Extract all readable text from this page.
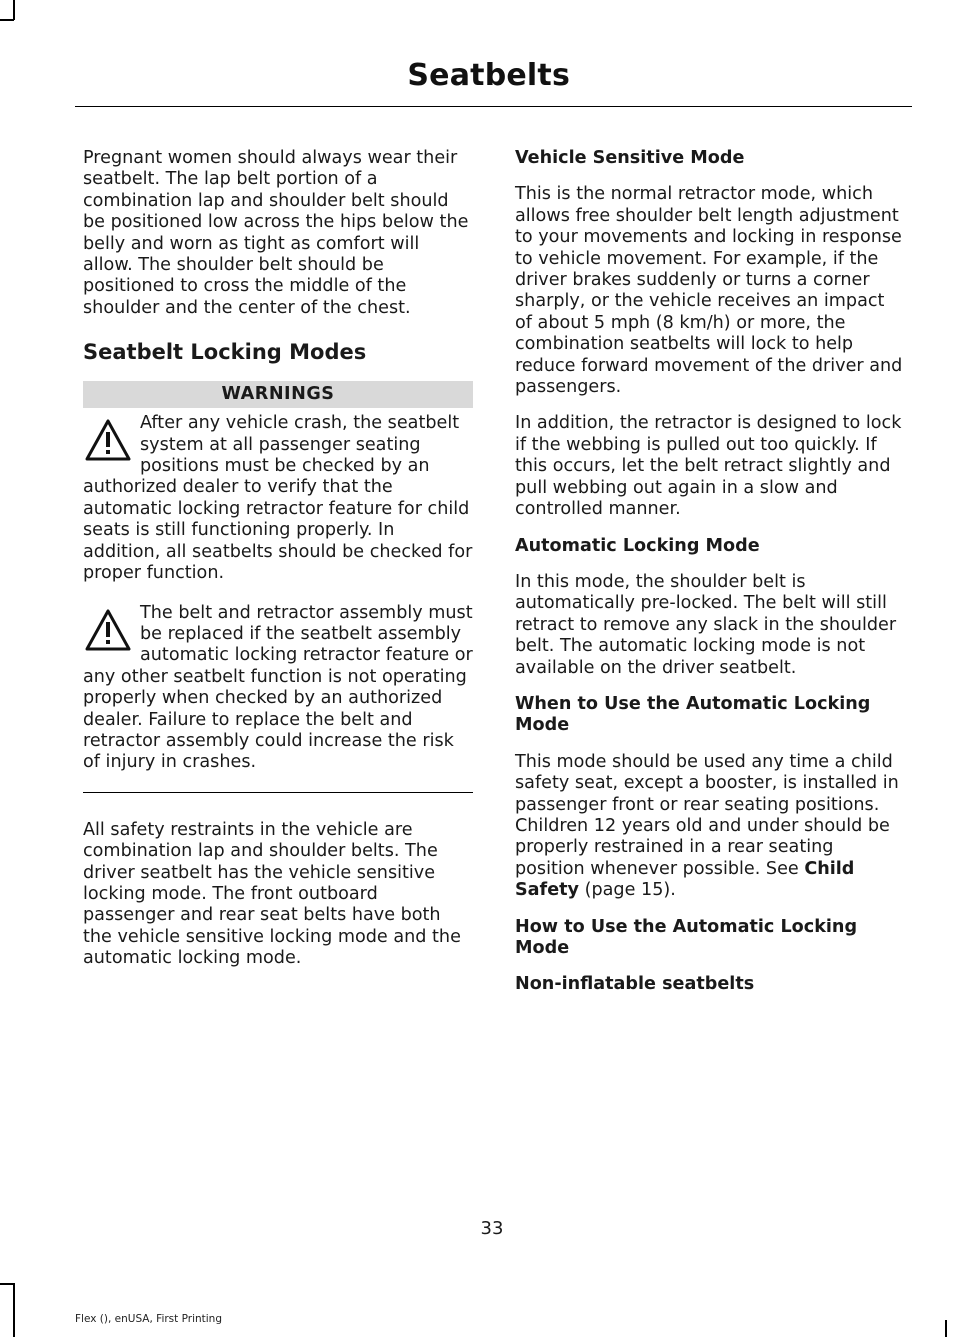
Seatbelts

Pregnant women should always wear their seatbelt. The lap belt portion of a combination lap and shoulder belt should be positioned low across the hips below the belly and worn as tight as comfort will allow. The shoulder belt should be positioned to cross the middle of the shoulder and the center of the chest.

Seatbelt Locking Modes
WARNINGS

After any vehicle crash, the seatbelt system at all passenger seating positions must be checked by an authorized dealer to verify that the automatic locking retractor feature for child seats is still functioning properly. In addition, all seatbelts should be checked for proper function.

The belt and retractor assembly must be replaced if the seatbelt assembly automatic locking retractor feature or any other seatbelt function is not operating properly when checked by an authorized dealer. Failure to replace the belt and retractor assembly could increase the risk of injury in crashes.

All safety restraints in the vehicle are combination lap and shoulder belts. The driver seatbelt has the vehicle sensitive locking mode. The front outboard passenger and rear seat belts have both the vehicle sensitive locking mode and the automatic locking mode.

Vehicle Sensitive Mode

This is the normal retractor mode, which allows free shoulder belt length adjustment to your movements and locking in response to vehicle movement. For example, if the driver brakes suddenly or turns a corner sharply, or the vehicle receives an impact of about 5 mph (8 km/h) or more, the combination seatbelts will lock to help reduce forward movement of the driver and passengers.

In addition, the retractor is designed to lock if the webbing is pulled out too quickly. If this occurs, let the belt retract slightly and pull webbing out again in a slow and controlled manner.

Automatic Locking Mode

In this mode, the shoulder belt is automatically pre-locked. The belt will still retract to remove any slack in the shoulder belt. The automatic locking mode is not available on the driver seatbelt.

When to Use the Automatic Locking Mode

This mode should be used any time a child safety seat, except a booster, is installed in passenger front or rear seating positions. Children 12 years old and under should be properly restrained in a rear seating position whenever possible. See Child Safety (page 15).

How to Use the Automatic Locking Mode
Non-inflatable seatbelts
33
Flex (), enUSA, First Printing
